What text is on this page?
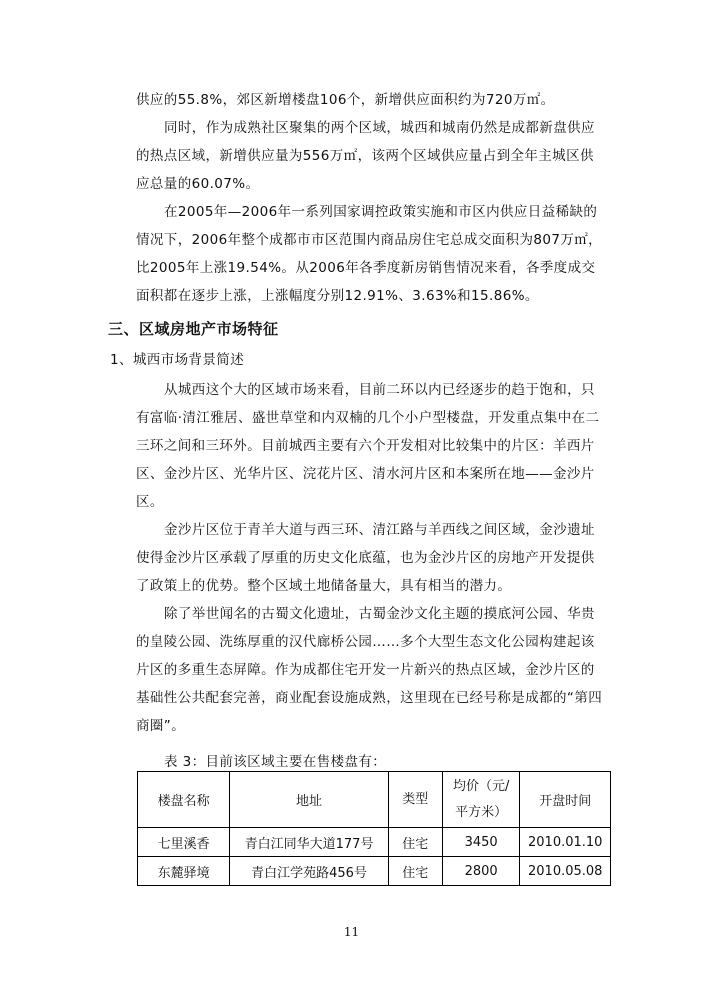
供应的55.8%，郊区新增楼盘106个，新增供应面积约为720万㎡。

同时，作为成熟社区聚集的两个区域，城西和城南仍然是成都新盘供应的热点区域，新增供应量为556万㎡，该两个区域供应量占到全年主城区供应总量的60.07%。

在2005年—2006年一系列国家调控政策实施和市区内供应日益稀缺的情况下，2006年整个成都市市区范围内商品房住宅总成交面积为807万㎡，比2005年上涨19.54%。从2006年各季度新房销售情况来看，各季度成交面积都在逐步上涨，上涨幅度分别12.91%、3.63%和15.86%。

三、区域房地产市场特征

1、城西市场背景简述

从城西这个大的区域市场来看，目前二环以内已经逐步的趋于饱和，只有富临·清江雅居、盛世草堂和内双楠的几个小户型楼盘，开发重点集中在二三环之间和三环外。目前城西主要有六个开发相对比较集中的片区：羊西片区、金沙片区、光华片区、浣花片区、清水河片区和本案所在地——金沙片区。

金沙片区位于青羊大道与西三环、清江路与羊西线之间区域，金沙遗址使得金沙片区承载了厚重的历史文化底蕴，也为金沙片区的房地产开发提供了政策上的优势。整个区域土地储备量大，具有相当的潜力。

除了举世闻名的古蜀文化遗址，古蜀金沙文化主题的摸底河公园、华贵的皇陵公园、洗练厚重的汉代廊桥公园……多个大型生态文化公园构建起该片区的多重生态屏障。作为成都住宅开发一片新兴的热点区域，金沙片区的基础性公共配套完善，商业配套设施成熟，这里现在已经号称是成都的“第四商圈”。

表 3：目前该区域主要在售楼盘有：

楼盘名称	地址	类型	均价（元/平方米）	开盘时间
七里溪香	青白江同华大道177号	住宅	3450	2010.01.10
东麓驿境	青白江学苑路456号	住宅	2800	2010.05.08
11
